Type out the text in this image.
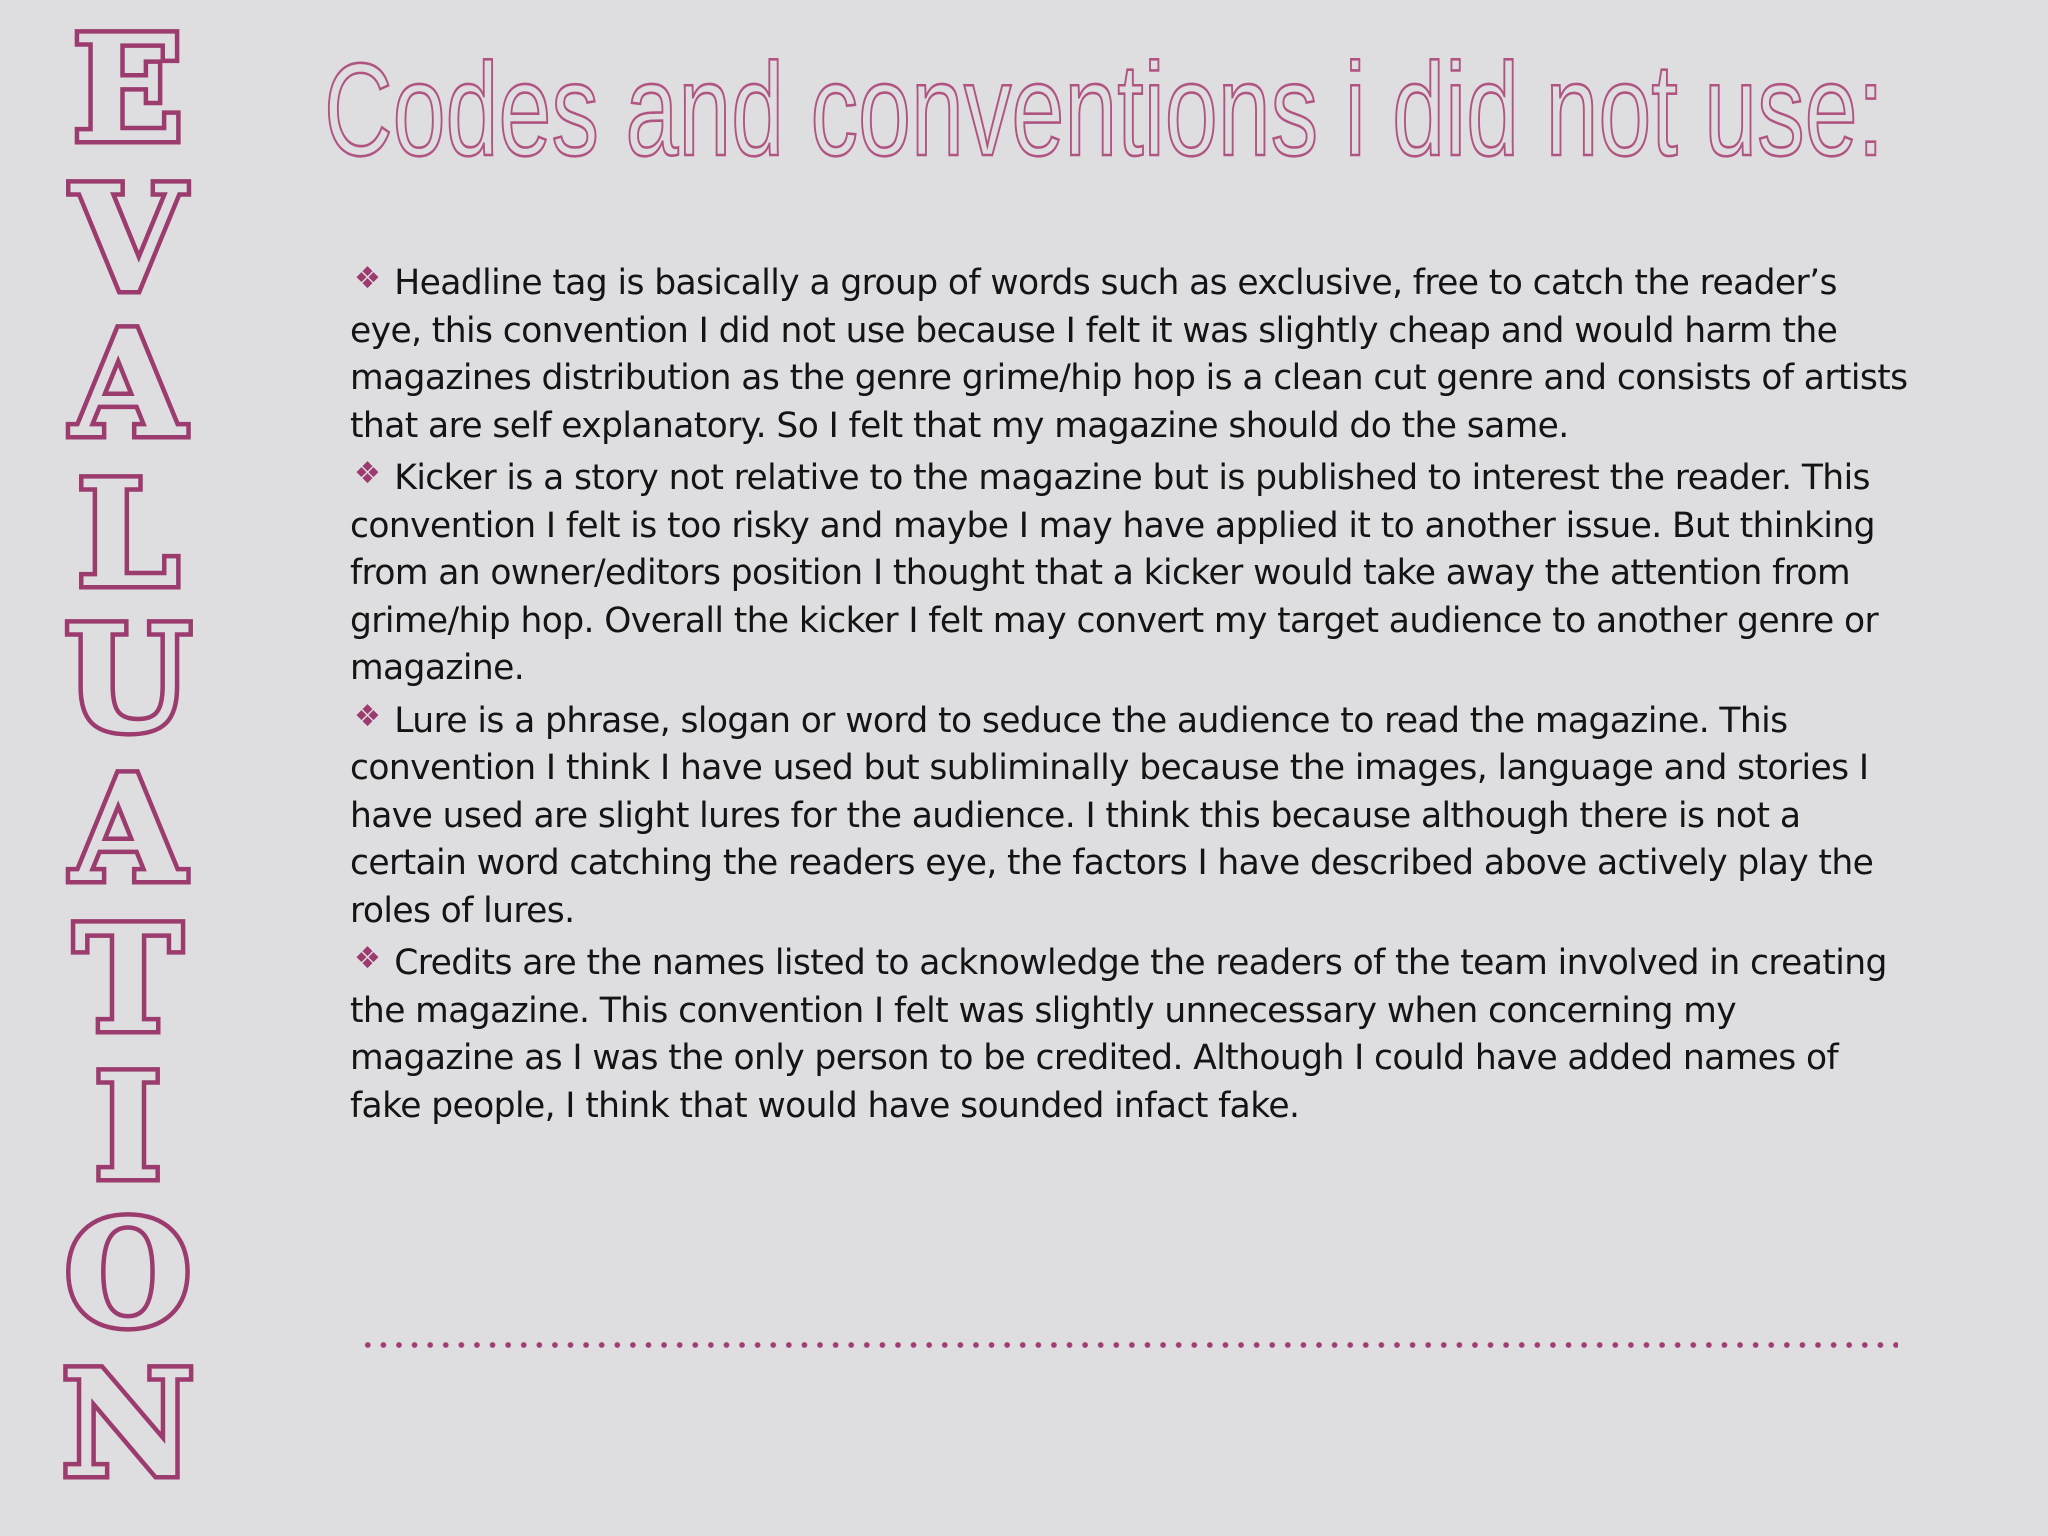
E
V
A
L
U
A
T
I
O
N
Codes and conventions i did not use:

❖ Headline tag is basically a group of words such as exclusive, free to catch the reader’s eye, this convention I did not use because I felt it was slightly cheap and would harm the magazines distribution as the genre grime/hip hop is a clean cut genre and consists of artists that are self explanatory. So I felt that my magazine should do the same.

❖ Kicker is a story not relative to the magazine but is published to interest the reader. This convention I felt is too risky and maybe I may have applied it to another issue. But thinking from an owner/editors position I thought that a kicker would take away the attention from grime/hip hop. Overall the kicker I felt may convert my target audience to another genre or magazine.

❖ Lure is a phrase, slogan or word to seduce the audience to read the magazine. This convention I think I have used but subliminally because the images, language and stories I have used are slight lures for the audience. I think this because although there is not a certain word catching the readers eye, the factors I have described above actively play the roles of lures.

❖ Credits are the names listed to acknowledge the readers of the team involved in creating the magazine. This convention I felt was slightly unnecessary when concerning my magazine as I was the only person to be credited. Although I could have added names of fake people, I think that would have sounded infact fake.
